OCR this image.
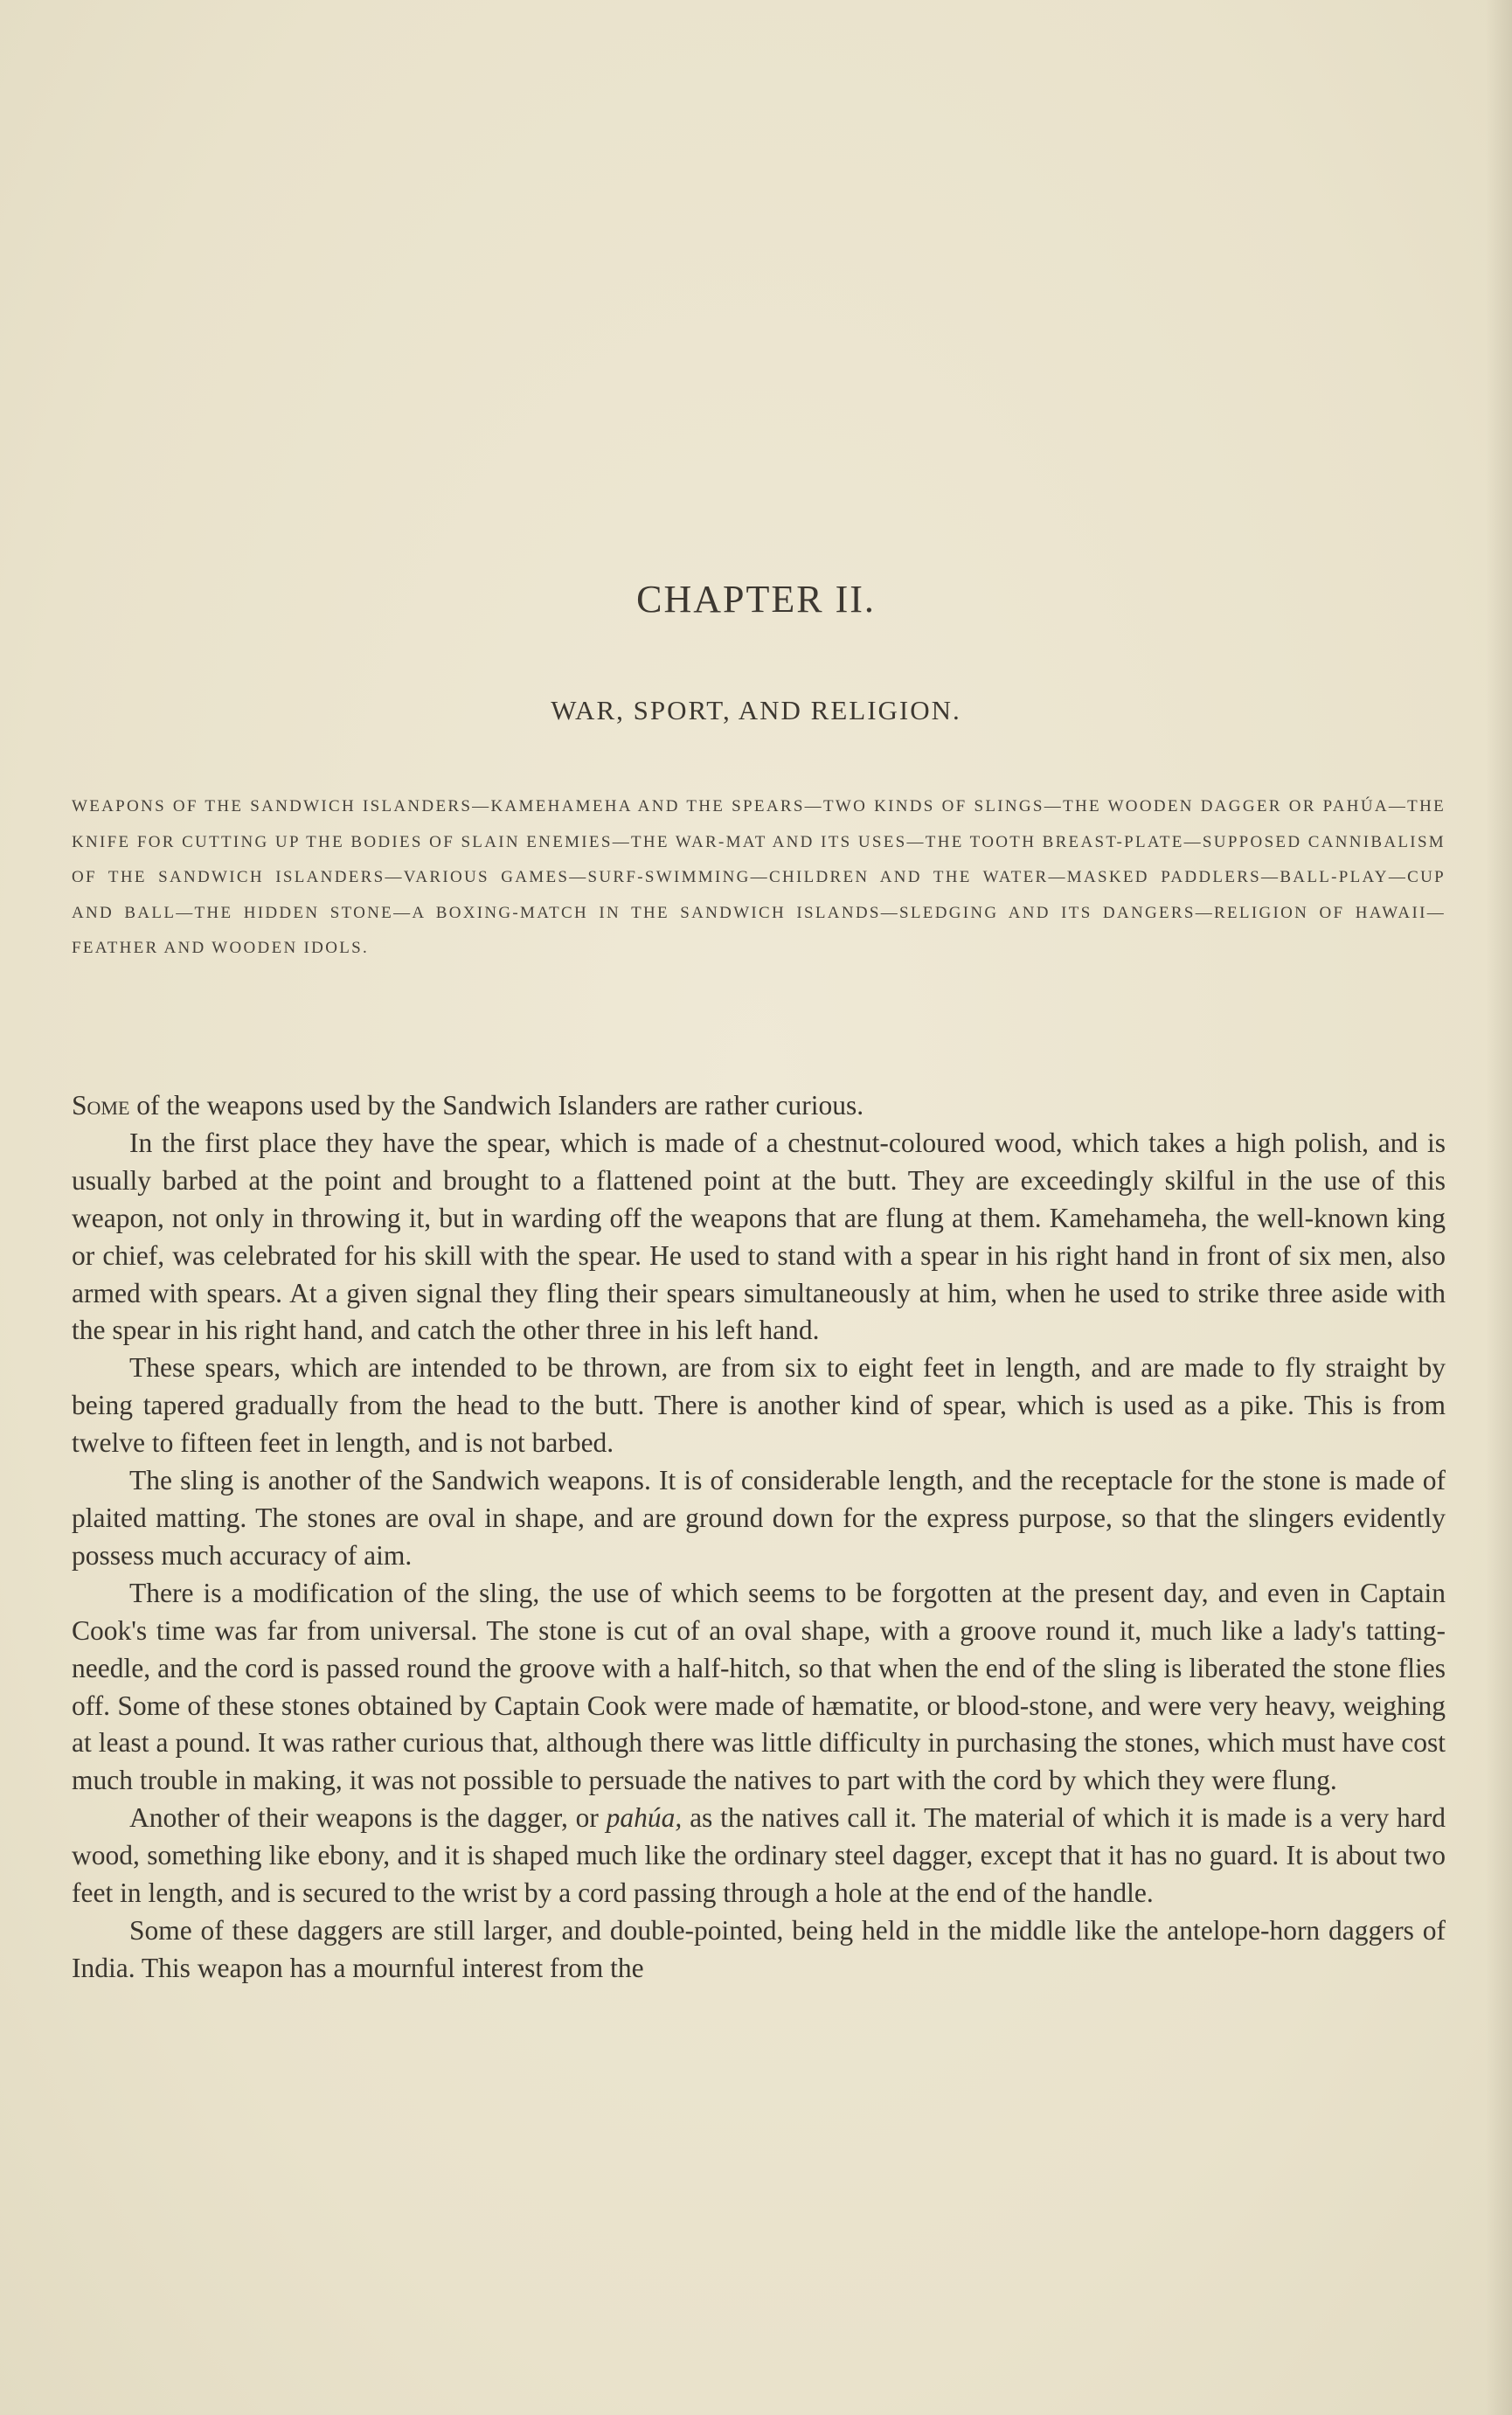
CHAPTER II.
WAR, SPORT, AND RELIGION.
WEAPONS OF THE SANDWICH ISLANDERS—KAMEHAMEHA AND THE SPEARS—TWO KINDS OF SLINGS—THE WOODEN DAGGER OR PAHÚA—THE KNIFE FOR CUTTING UP THE BODIES OF SLAIN ENEMIES—THE WAR-MAT AND ITS USES—THE TOOTH BREAST-PLATE—SUPPOSED CANNIBALISM OF THE SANDWICH ISLANDERS—VARIOUS GAMES—SURF-SWIMMING—CHILDREN AND THE WATER—MASKED PADDLERS—BALL-PLAY—CUP AND BALL—THE HIDDEN STONE—A BOXING-MATCH IN THE SANDWICH ISLANDS—SLEDGING AND ITS DANGERS—RELIGION OF HAWAII—FEATHER AND WOODEN IDOLS.

Some of the weapons used by the Sandwich Islanders are rather curious.

In the first place they have the spear, which is made of a chestnut-coloured wood, which takes a high polish, and is usually barbed at the point and brought to a flattened point at the butt. They are exceedingly skilful in the use of this weapon, not only in throwing it, but in warding off the weapons that are flung at them. Kamehameha, the well-known king or chief, was celebrated for his skill with the spear. He used to stand with a spear in his right hand in front of six men, also armed with spears. At a given signal they fling their spears simultaneously at him, when he used to strike three aside with the spear in his right hand, and catch the other three in his left hand.

These spears, which are intended to be thrown, are from six to eight feet in length, and are made to fly straight by being tapered gradually from the head to the butt. There is another kind of spear, which is used as a pike. This is from twelve to fifteen feet in length, and is not barbed.

The sling is another of the Sandwich weapons. It is of considerable length, and the receptacle for the stone is made of plaited matting. The stones are oval in shape, and are ground down for the express purpose, so that the slingers evidently possess much accuracy of aim.

There is a modification of the sling, the use of which seems to be forgotten at the present day, and even in Captain Cook's time was far from universal. The stone is cut of an oval shape, with a groove round it, much like a lady's tatting-needle, and the cord is passed round the groove with a half-hitch, so that when the end of the sling is liberated the stone flies off. Some of these stones obtained by Captain Cook were made of hæmatite, or blood-stone, and were very heavy, weighing at least a pound. It was rather curious that, although there was little difficulty in purchasing the stones, which must have cost much trouble in making, it was not possible to persuade the natives to part with the cord by which they were flung.

Another of their weapons is the dagger, or pahúa, as the natives call it. The material of which it is made is a very hard wood, something like ebony, and it is shaped much like the ordinary steel dagger, except that it has no guard. It is about two feet in length, and is secured to the wrist by a cord passing through a hole at the end of the handle.

Some of these daggers are still larger, and double-pointed, being held in the middle like the antelope-horn daggers of India. This weapon has a mournful interest from the
